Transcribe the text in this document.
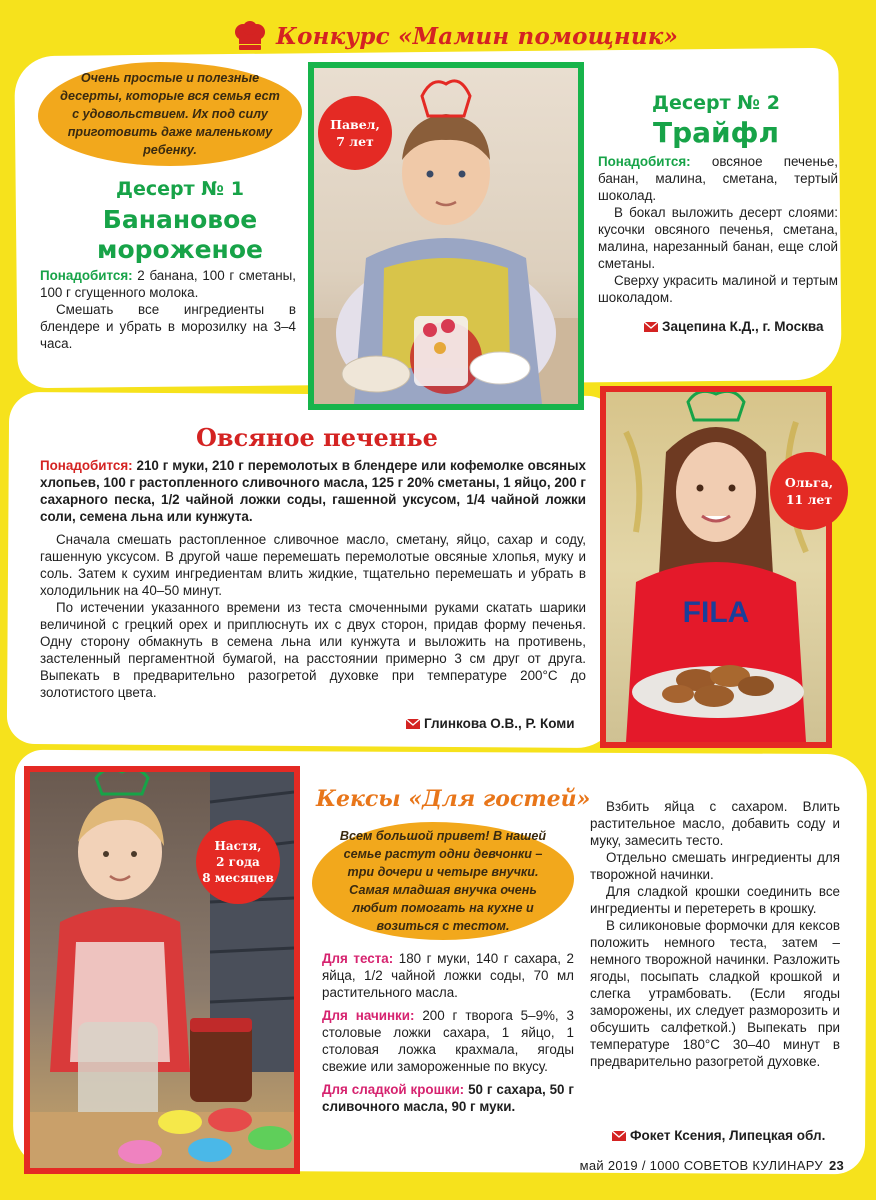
Конкурс «Мамин помощник»
Очень простые и полезные десерты, которые вся семья ест с удовольствием. Их под силу приготовить даже маленькому ребенку.
Десерт № 1
Банановое
мороженое

Понадобится: 2 банана, 100 г сметаны, 100 г сгущенного молока.

Смешать все ингредиенты в блендере и убрать в морозилку на 3–4 часа.

Павел,
7 лет
Десерт № 2
Трайфл

Понадобится: овсяное печенье, банан, малина, сметана, тертый шоколад.

В бокал выложить десерт слоями: кусочки овсяного печенья, сметана, малина, нарезанный банан, еще слой сметаны.

Сверху украсить малиной и тертым шоколадом.

Зацепина К.Д., г. Москва
Овсяное печенье

Понадобится: 210 г муки, 210 г перемолотых в блендере или кофемолке овсяных хлопьев, 100 г растопленного сливочного масла, 125 г 20% сметаны, 1 яйцо, 200 г сахарного песка, 1/2 чайной ложки соды, гашенной уксусом, 1/4 чайной ложки соли, семена льна или кунжута.

Сначала смешать растопленное сливочное масло, сметану, яйцо, сахар и соду, гашенную уксусом. В другой чаше перемешать перемолотые овсяные хлопья, муку и соль. Затем к сухим ингредиентам влить жидкие, тщательно перемешать и убрать в холодильник на 40–50 минут.

По истечении указанного времени из теста смоченными руками скатать шарики величиной с грецкий орех и приплюснуть их с двух сторон, придав форму печенья. Одну сторону обмакнуть в семена льна или кунжута и выложить на противень, застеленный пергаментной бумагой, на расстоянии примерно 3 см друг от друга. Выпекать в предварительно разогретой духовке при температуре 200°С до золотистого цвета.

Глинкова О.В., Р. Коми
FILA
Ольга,
11 лет
Настя,
2 года
8 месяцев
Кексы «Для гостей»
Всем большой привет! В нашей семье растут одни девчонки – три дочери и четыре внучки. Самая младшая внучка очень любит помогать на кухне и возиться с тестом.

Для теста: 180 г муки, 140 г сахара, 2 яйца, 1/2 чайной ложки соды, 70 мл растительного масла.

Для начинки: 200 г творога 5–9%, 3 столовые ложки сахара, 1 яйцо, 1 столовая ложка крахмала, ягоды свежие или замороженные по вкусу.

Для сладкой крошки: 50 г сахара, 50 г сливочного масла, 90 г муки.

Взбить яйца с сахаром. Влить растительное масло, добавить соду и муку, замесить тесто.

Отдельно смешать ингредиенты для творожной начинки.

Для сладкой крошки соединить все ингредиенты и перетереть в крошку.

В силиконовые формочки для кексов положить немного теста, затем – немного творожной начинки. Разложить ягоды, посыпать сладкой крошкой и слегка утрамбовать. (Если ягоды заморожены, их следует разморозить и обсушить салфеткой.) Выпекать при температуре 180°С 30–40 минут в предварительно разогретой духовке.

Фокет Ксения, Липецкая обл.
май 2019 / 1000 СОВЕТОВ КУЛИНАРУ 23
